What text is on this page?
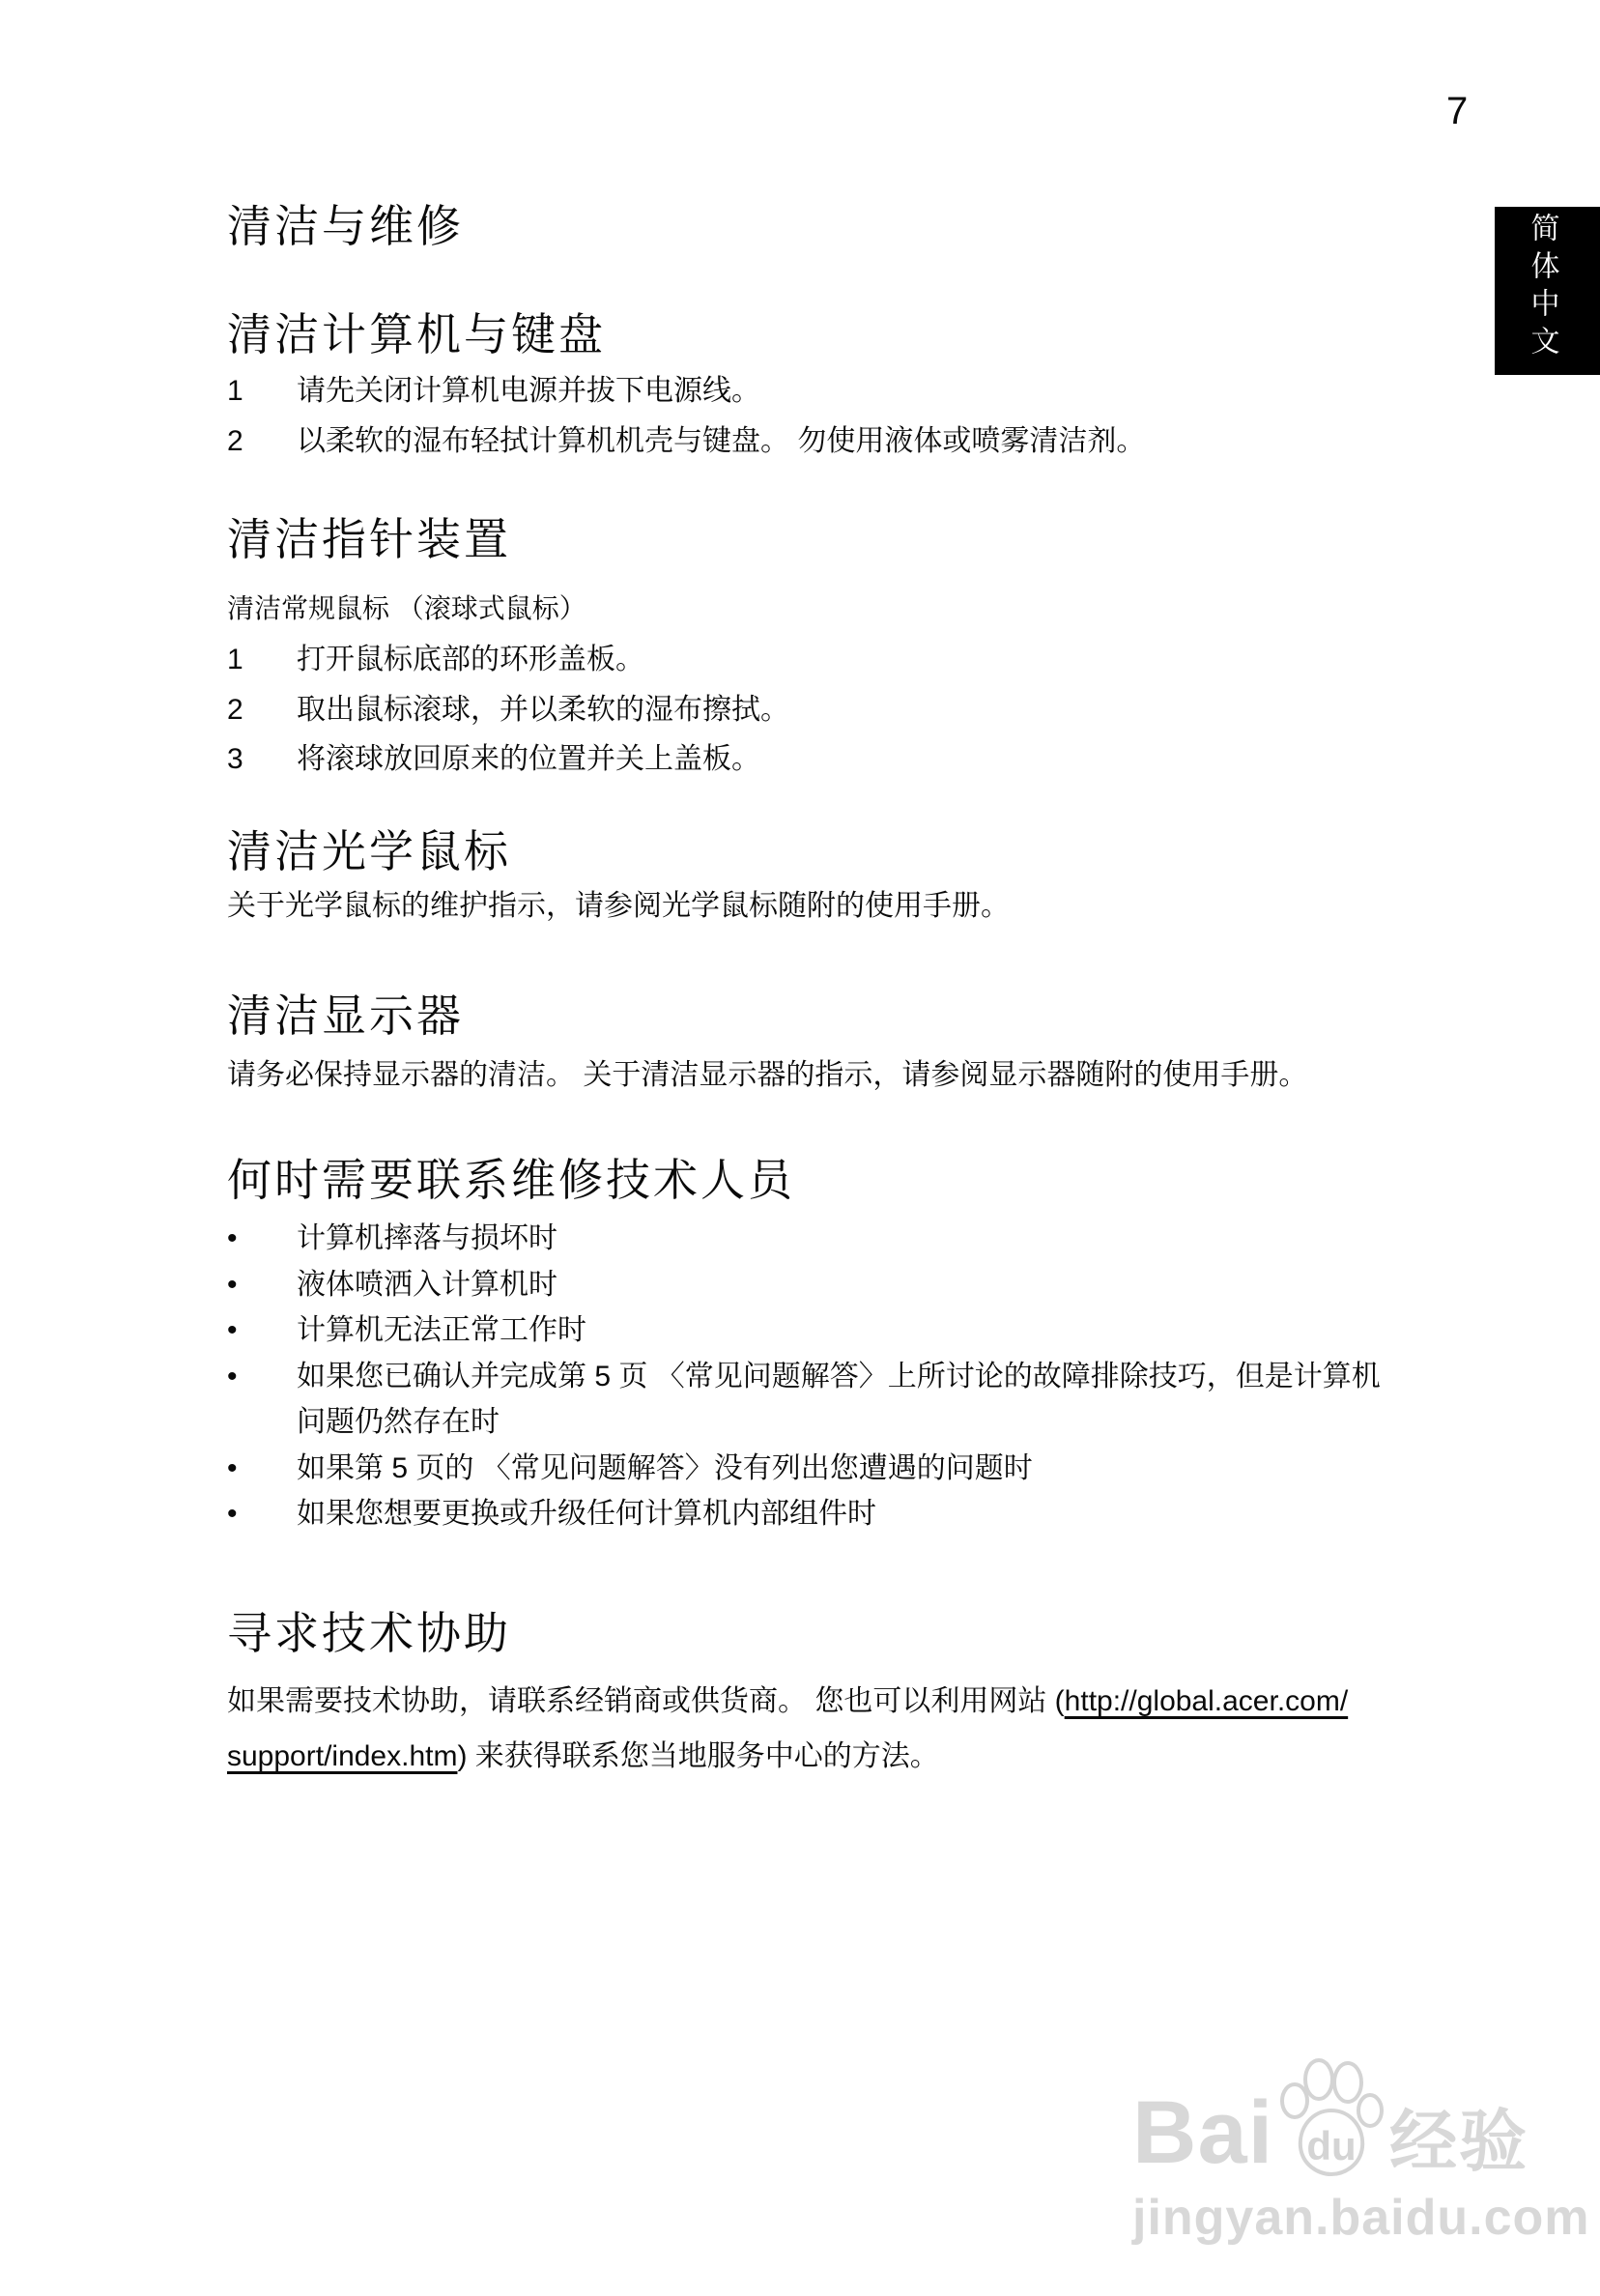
7
简体中文
清洁与维修
清洁计算机与键盘
1	请先关闭计算机电源并拔下电源线。
2	以柔软的湿布轻拭计算机机壳与键盘。 勿使用液体或喷雾清洁剂。
清洁指针装置
清洁常规鼠标 （滚球式鼠标）
1	打开鼠标底部的环形盖板。
2	取出鼠标滚球，并以柔软的湿布擦拭。
3	将滚球放回原来的位置并关上盖板。
清洁光学鼠标
关于光学鼠标的维护指示，请参阅光学鼠标随附的使用手册。
清洁显示器
请务必保持显示器的清洁。 关于清洁显示器的指示，请参阅显示器随附的使用手册。
何时需要联系维修技术人员
•	计算机摔落与损坏时
•	液体喷洒入计算机时
•	计算机无法正常工作时
•	如果您已确认并完成第 5 页 〈常见问题解答〉上所讨论的故障排除技巧，但是计算机问题仍然存在时
•	如果第 5 页的 〈常见问题解答〉没有列出您遭遇的问题时
•	如果您想要更换或升级任何计算机内部组件时
寻求技术协助
如果需要技术协助，请联系经销商或供货商。 您也可以利用网站 (http://global.acer.com/
support/index.htm) 来获得联系您当地服务中心的方法。
Bai du 经验
jingyan.baidu.com
